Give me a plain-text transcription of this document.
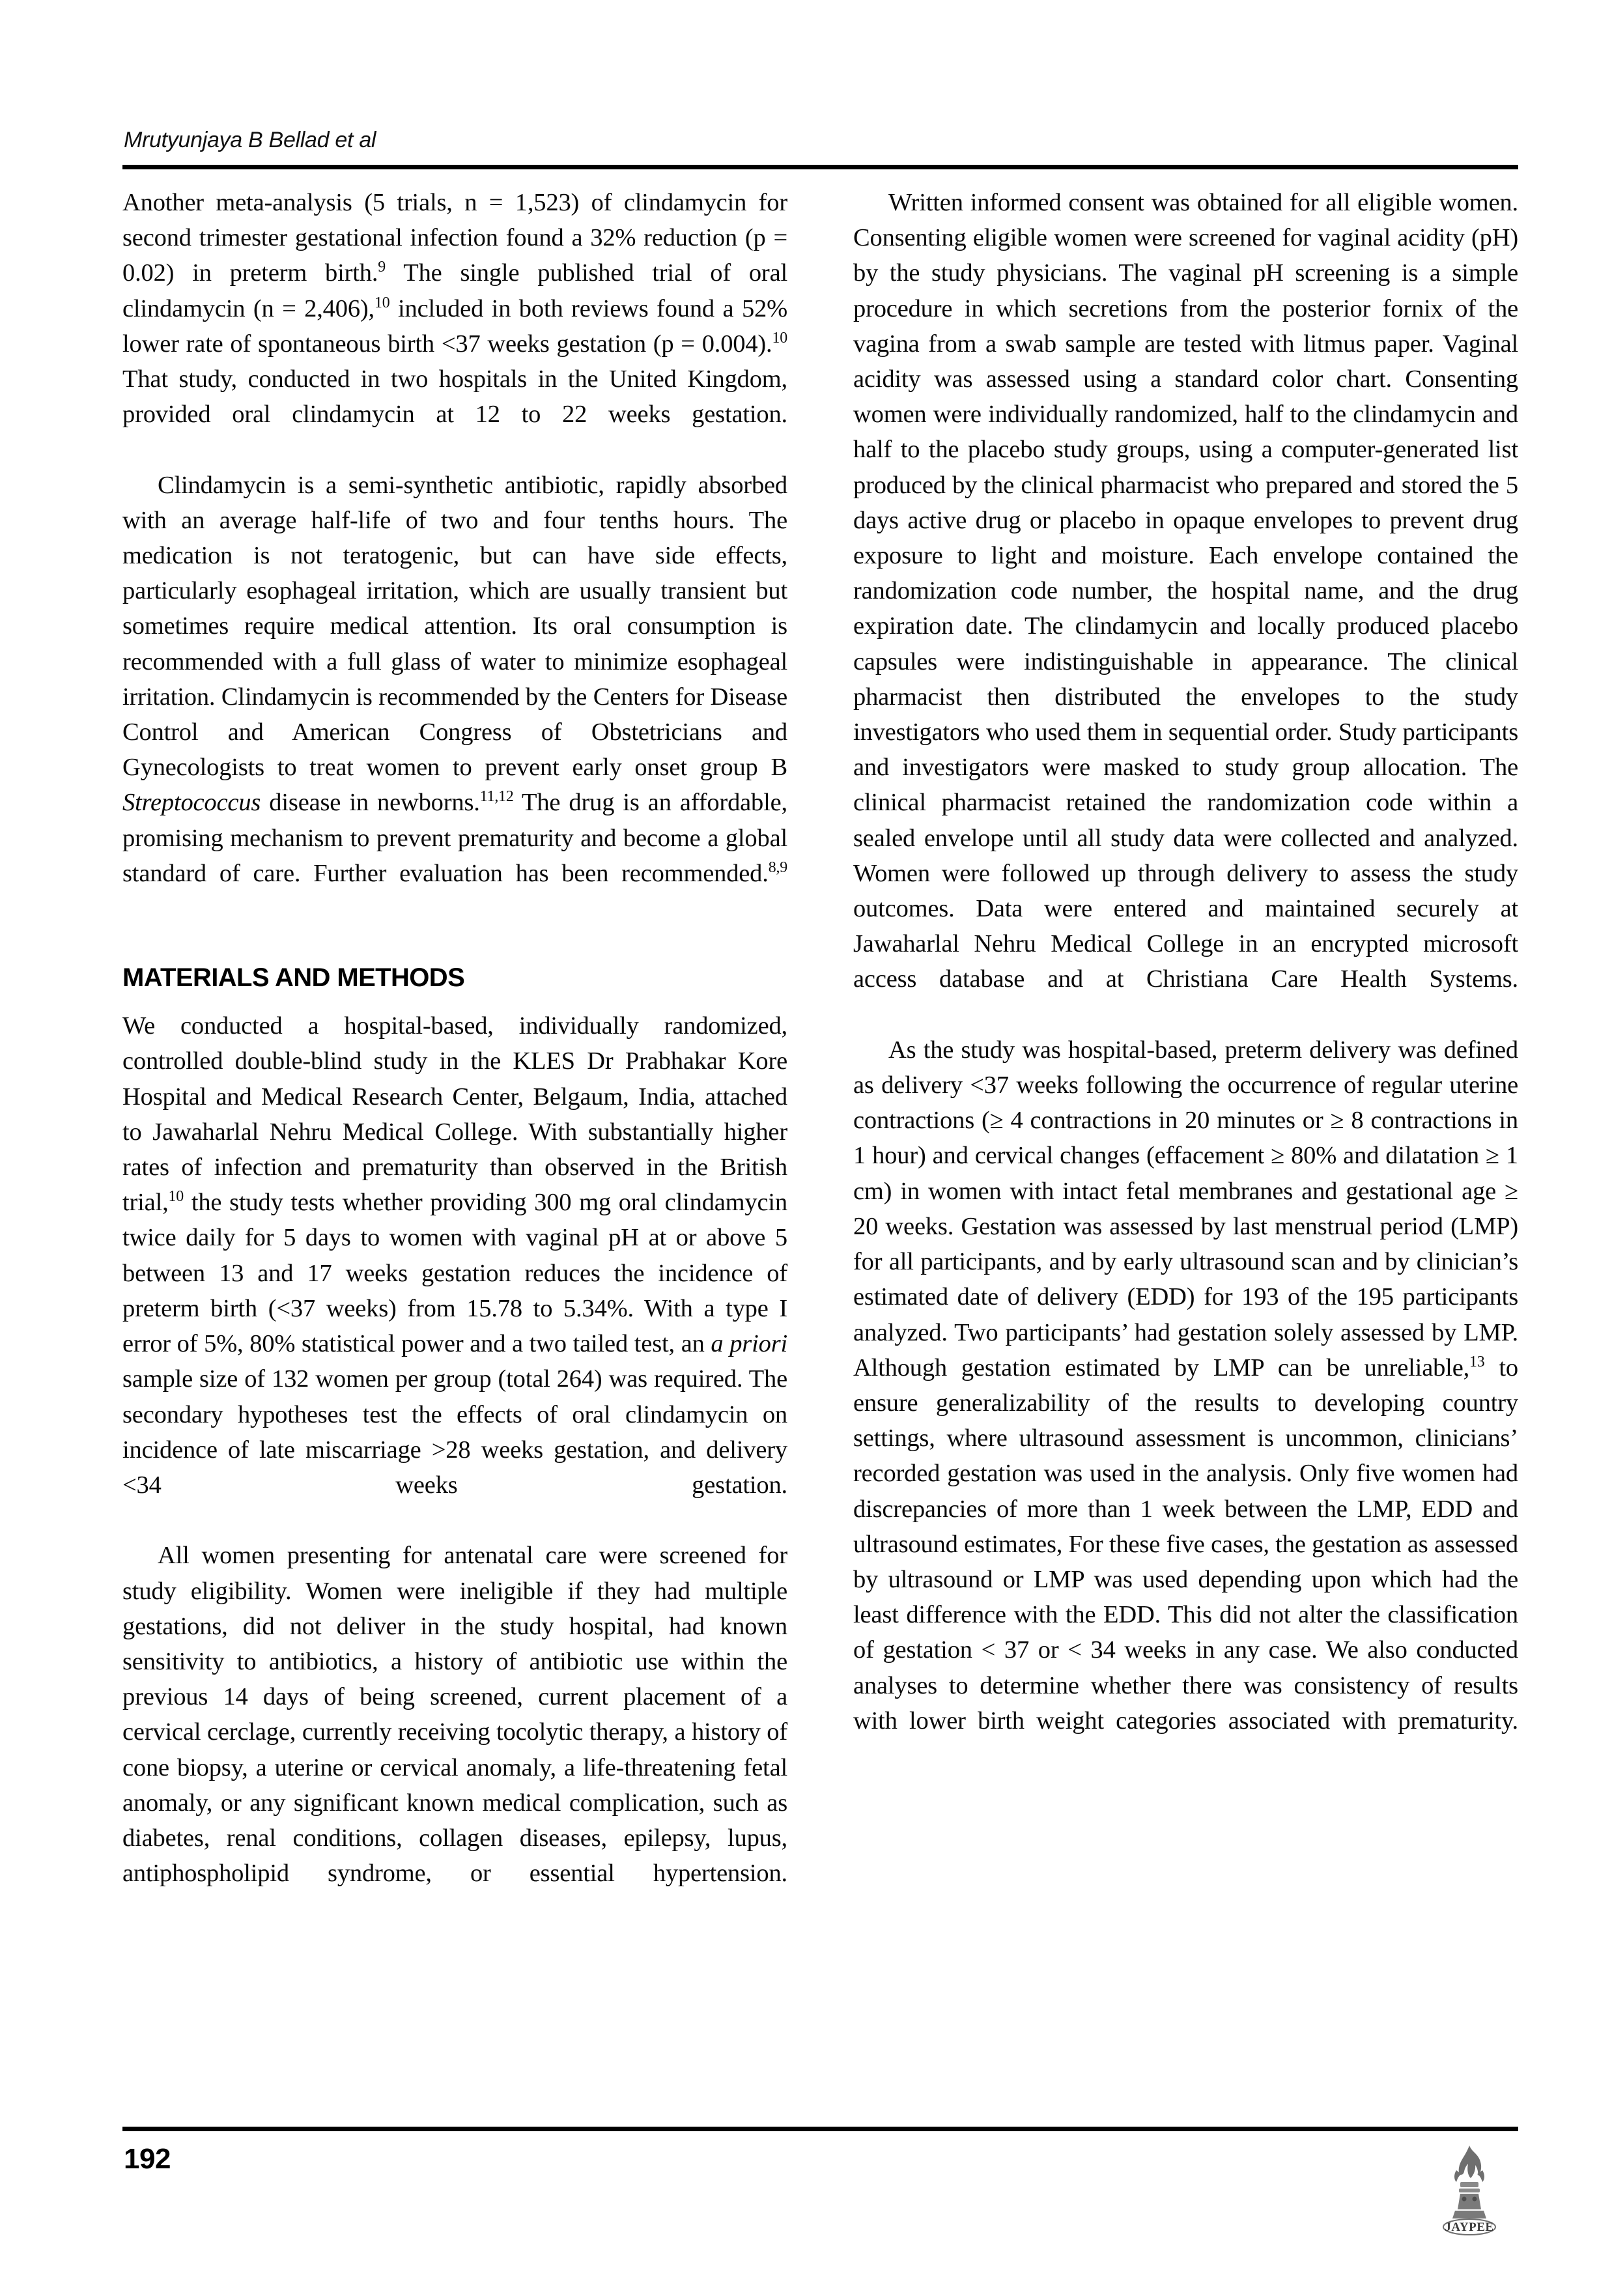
Mrutyunjaya B Bellad et al

Another meta-analysis (5 trials, n = 1,523) of clindamycin for second trimester gestational infection found a 32% reduction (p = 0.02) in preterm birth.$^9$ The single published trial of oral clindamycin (n = 2,406),$^{10}$ included in both reviews found a 52% lower rate of spontaneous birth <37 weeks gestation (p = 0.004).$^{10}$ That study, conducted in two hospitals in the United Kingdom, provided oral clindamycin at 12 to 22 weeks gestation.

Clindamycin is a semi-synthetic antibiotic, rapidly absorbed with an average half-life of two and four tenths hours. The medication is not teratogenic, but can have side effects, particularly esophageal irritation, which are usually transient but sometimes require medical attention. Its oral consumption is recommended with a full glass of water to minimize esophageal irritation. Clindamycin is recommended by the Centers for Disease Control and American Congress of Obstetricians and Gynecologists to treat women to prevent early onset group B Streptococcus disease in newborns.$^{11,12}$ The drug is an affordable, promising mechanism to prevent prematurity and become a global standard of care. Further evaluation has been recommended.$^{8,9}$

MATERIALS AND METHODS

We conducted a hospital-based, individually randomized, controlled double-blind study in the KLES Dr Prabhakar Kore Hospital and Medical Research Center, Belgaum, India, attached to Jawaharlal Nehru Medical College. With substantially higher rates of infection and prematurity than observed in the British trial,$^{10}$ the study tests whether providing 300 mg oral clindamycin twice daily for 5 days to women with vaginal pH at or above 5 between 13 and 17 weeks gestation reduces the incidence of preterm birth (<37 weeks) from 15.78 to 5.34%. With a type I error of 5%, 80% statistical power and a two tailed test, an a priori sample size of 132 women per group (total 264) was required. The secondary hypotheses test the effects of oral clindamycin on incidence of late miscarriage >28 weeks gestation, and delivery <34 weeks gestation.

All women presenting for antenatal care were screened for study eligibility. Women were ineligible if they had multiple gestations, did not deliver in the study hospital, had known sensitivity to antibiotics, a history of antibiotic use within the previous 14 days of being screened, current placement of a cervical cerclage, currently receiving tocolytic therapy, a history of cone biopsy, a uterine or cervical anomaly, a life-threatening fetal anomaly, or any significant known medical complication, such as diabetes, renal conditions, collagen diseases, epilepsy, lupus, antiphospholipid syndrome, or essential hypertension.

Written informed consent was obtained for all eligible women. Consenting eligible women were screened for vaginal acidity (pH) by the study physicians. The vaginal pH screening is a simple procedure in which secretions from the posterior fornix of the vagina from a swab sample are tested with litmus paper. Vaginal acidity was assessed using a standard color chart. Consenting women were individually randomized, half to the clindamycin and half to the placebo study groups, using a computer-generated list produced by the clinical pharmacist who prepared and stored the 5 days active drug or placebo in opaque envelopes to prevent drug exposure to light and moisture. Each envelope contained the randomization code number, the hospital name, and the drug expiration date. The clindamycin and locally produced placebo capsules were indistinguishable in appearance. The clinical pharmacist then distributed the envelopes to the study investigators who used them in sequential order. Study participants and investigators were masked to study group allocation. The clinical pharmacist retained the randomization code within a sealed envelope until all study data were collected and analyzed. Women were followed up through delivery to assess the study outcomes. Data were entered and maintained securely at Jawaharlal Nehru Medical College in an encrypted microsoft access database and at Christiana Care Health Systems.

As the study was hospital-based, preterm delivery was defined as delivery <37 weeks following the occurrence of regular uterine contractions (≥ 4 contractions in 20 minutes or ≥ 8 contractions in 1 hour) and cervical changes (effacement ≥ 80% and dilatation ≥ 1 cm) in women with intact fetal membranes and gestational age ≥ 20 weeks. Gestation was assessed by last menstrual period (LMP) for all participants, and by early ultrasound scan and by clinician’s estimated date of delivery (EDD) for 193 of the 195 participants analyzed. Two participants’ had gestation solely assessed by LMP. Although gestation estimated by LMP can be unreliable,$^{13}$ to ensure generalizability of the results to developing country settings, where ultrasound assessment is uncommon, clinicians’ recorded gestation was used in the analysis. Only five women had discrepancies of more than 1 week between the LMP, EDD and ultrasound estimates, For these five cases, the gestation as assessed by ultrasound or LMP was used depending upon which had the least difference with the EDD. This did not alter the classification of gestation < 37 or < 34 weeks in any case. We also conducted analyses to determine whether there was consistency of results with lower birth weight categories associated with prematurity.

192
JAYPEE
